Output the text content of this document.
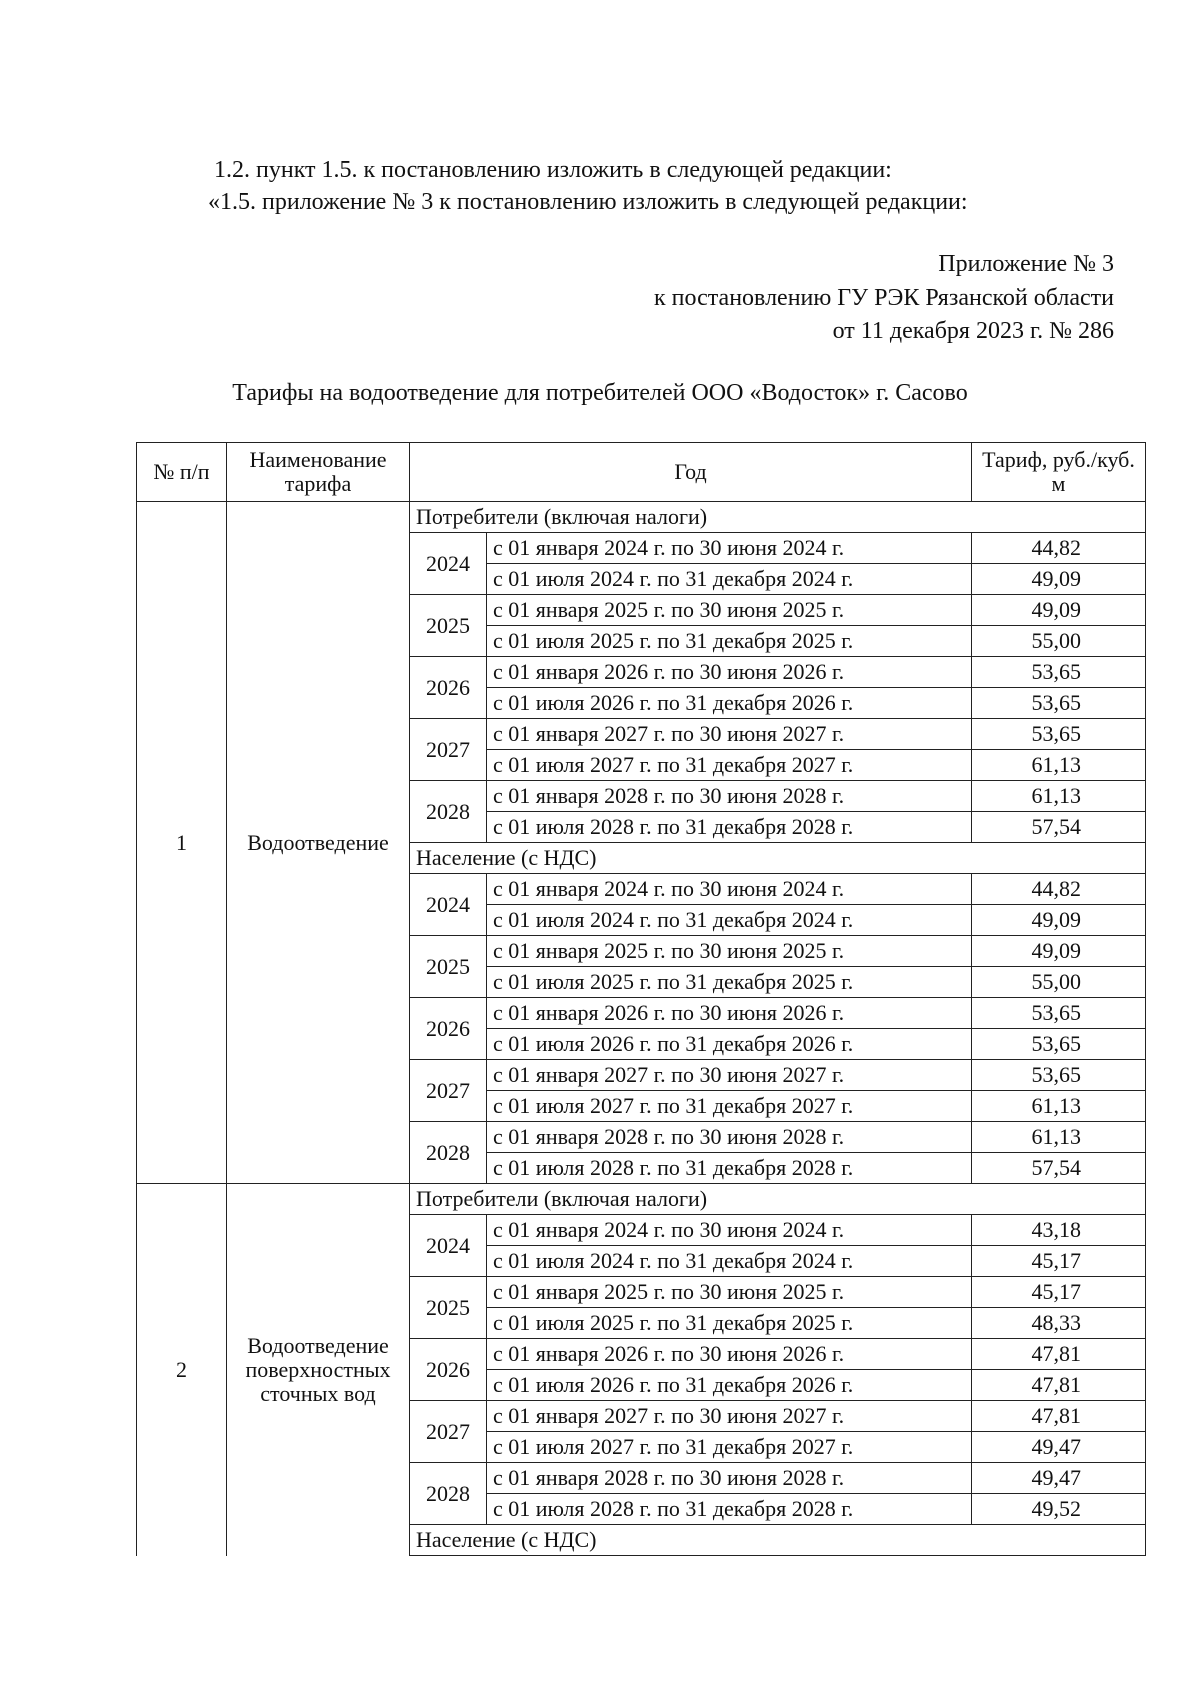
1.2. пункт 1.5. к постановлению изложить в следующей редакции:
«1.5. приложение № 3 к постановлению изложить в следующей редакции:
Приложение № 3
к постановлению ГУ РЭК Рязанской области
от 11 декабря 2023 г. № 286
Тарифы на водоотведение для потребителей ООО «Водосток» г. Сасово
№ п/п	Наименование тарифа	Год		Тариф, руб./куб. м
1	Водоотведение	Потребители (включая налоги)		
		2024	с 01 января 2024 г. по 30 июня 2024 г.	44,82
			с 01 июля 2024 г. по 31 декабря 2024 г.	49,09
		2025	с 01 января 2025 г. по 30 июня 2025 г.	49,09
			с 01 июля 2025 г. по 31 декабря 2025 г.	55,00
		2026	с 01 января 2026 г. по 30 июня 2026 г.	53,65
			с 01 июля 2026 г. по 31 декабря 2026 г.	53,65
		2027	с 01 января 2027 г. по 30 июня 2027 г.	53,65
			с 01 июля 2027 г. по 31 декабря 2027 г.	61,13
		2028	с 01 января 2028 г. по 30 июня 2028 г.	61,13
			с 01 июля 2028 г. по 31 декабря 2028 г.	57,54
		Население (с НДС)		
		2024	с 01 января 2024 г. по 30 июня 2024 г.	44,82
			с 01 июля 2024 г. по 31 декабря 2024 г.	49,09
		2025	с 01 января 2025 г. по 30 июня 2025 г.	49,09
			с 01 июля 2025 г. по 31 декабря 2025 г.	55,00
		2026	с 01 января 2026 г. по 30 июня 2026 г.	53,65
			с 01 июля 2026 г. по 31 декабря 2026 г.	53,65
		2027	с 01 января 2027 г. по 30 июня 2027 г.	53,65
			с 01 июля 2027 г. по 31 декабря 2027 г.	61,13
		2028	с 01 января 2028 г. по 30 июня 2028 г.	61,13
			с 01 июля 2028 г. по 31 декабря 2028 г.	57,54
2	Водоотведение поверхностных сточных вод	Потребители (включая налоги)		
		2024	с 01 января 2024 г. по 30 июня 2024 г.	43,18
			с 01 июля 2024 г. по 31 декабря 2024 г.	45,17
		2025	с 01 января 2025 г. по 30 июня 2025 г.	45,17
			с 01 июля 2025 г. по 31 декабря 2025 г.	48,33
		2026	с 01 января 2026 г. по 30 июня 2026 г.	47,81
			с 01 июля 2026 г. по 31 декабря 2026 г.	47,81
		2027	с 01 января 2027 г. по 30 июня 2027 г.	47,81
			с 01 июля 2027 г. по 31 декабря 2027 г.	49,47
		2028	с 01 января 2028 г. по 30 июня 2028 г.	49,47
			с 01 июля 2028 г. по 31 декабря 2028 г.	49,52
		Население (с НДС)		
